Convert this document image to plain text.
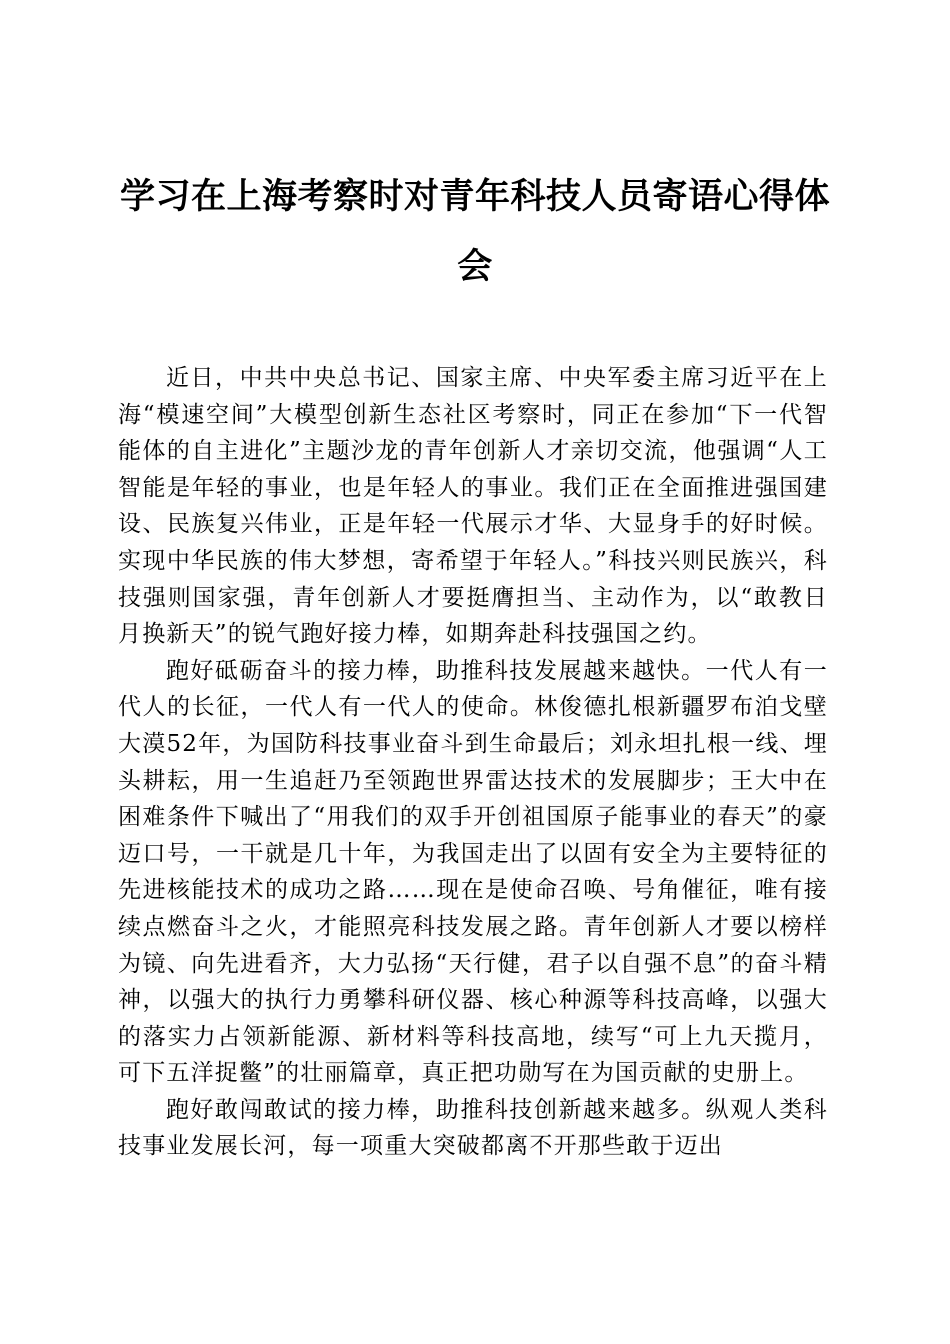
学习在上海考察时对青年科技人员寄语心得体会

近日，中共中央总书记、国家主席、中央军委主席习近平在上海“模速空间”大模型创新生态社区考察时，同正在参加“下一代智能体的自主进化”主题沙龙的青年创新人才亲切交流，他强调“人工智能是年轻的事业，也是年轻人的事业。我们正在全面推进强国建设、民族复兴伟业，正是年轻一代展示才华、大显身手的好时候。实现中华民族的伟大梦想，寄希望于年轻人。”科技兴则民族兴，科技强则国家强，青年创新人才要挺膺担当、主动作为，以“敢教日月换新天”的锐气跑好接力棒，如期奔赴科技强国之约。

跑好砥砺奋斗的接力棒，助推科技发展越来越快。一代人有一代人的长征，一代人有一代人的使命。林俊德扎根新疆罗布泊戈壁大漠52年，为国防科技事业奋斗到生命最后；刘永坦扎根一线、埋头耕耘，用一生追赶乃至领跑世界雷达技术的发展脚步；王大中在困难条件下喊出了“用我们的双手开创祖国原子能事业的春天”的豪迈口号，一干就是几十年，为我国走出了以固有安全为主要特征的先进核能技术的成功之路……现在是使命召唤、号角催征，唯有接续点燃奋斗之火，才能照亮科技发展之路。青年创新人才要以榜样为镜、向先进看齐，大力弘扬“天行健，君子以自强不息”的奋斗精神，以强大的执行力勇攀科研仪器、核心种源等科技高峰，以强大的落实力占领新能源、新材料等科技高地，续写“可上九天揽月，可下五洋捉鳖”的壮丽篇章，真正把功勋写在为国贡献的史册上。

跑好敢闯敢试的接力棒，助推科技创新越来越多。纵观人类科技事业发展长河，每一项重大突破都离不开那些敢于迈出
